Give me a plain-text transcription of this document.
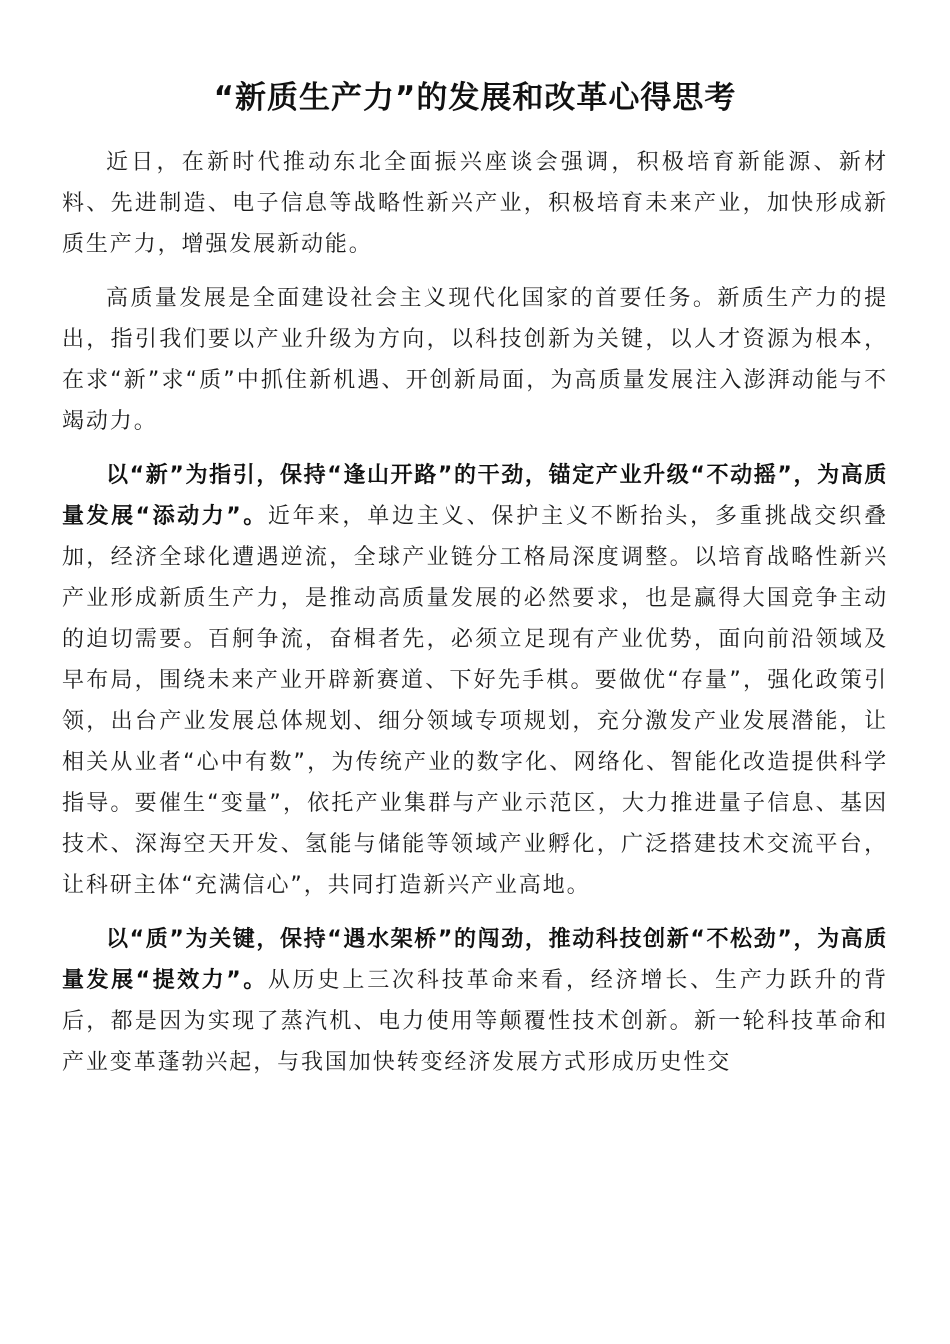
“新质生产力”的发展和改革心得思考

近日，在新时代推动东北全面振兴座谈会强调，积极培育新能源、新材料、先进制造、电子信息等战略性新兴产业，积极培育未来产业，加快形成新质生产力，增强发展新动能。

高质量发展是全面建设社会主义现代化国家的首要任务。新质生产力的提出，指引我们要以产业升级为方向，以科技创新为关键，以人才资源为根本，在求“新”求“质”中抓住新机遇、开创新局面，为高质量发展注入澎湃动能与不竭动力。

以“新”为指引，保持“逢山开路”的干劲，锚定产业升级“不动摇”，为高质量发展“添动力”。近年来，单边主义、保护主义不断抬头，多重挑战交织叠加，经济全球化遭遇逆流，全球产业链分工格局深度调整。以培育战略性新兴产业形成新质生产力，是推动高质量发展的必然要求，也是赢得大国竞争主动的迫切需要。百舸争流，奋楫者先，必须立足现有产业优势，面向前沿领域及早布局，围绕未来产业开辟新赛道、下好先手棋。要做优“存量”，强化政策引领，出台产业发展总体规划、细分领域专项规划，充分激发产业发展潜能，让相关从业者“心中有数”，为传统产业的数字化、网络化、智能化改造提供科学指导。要催生“变量”，依托产业集群与产业示范区，大力推进量子信息、基因技术、深海空天开发、氢能与储能等领域产业孵化，广泛搭建技术交流平台，让科研主体“充满信心”，共同打造新兴产业高地。

以“质”为关键，保持“遇水架桥”的闯劲，推动科技创新“不松劲”，为高质量发展“提效力”。从历史上三次科技革命来看，经济增长、生产力跃升的背后，都是因为实现了蒸汽机、电力使用等颠覆性技术创新。新一轮科技革命和产业变革蓬勃兴起，与我国加快转变经济发展方式形成历史性交
